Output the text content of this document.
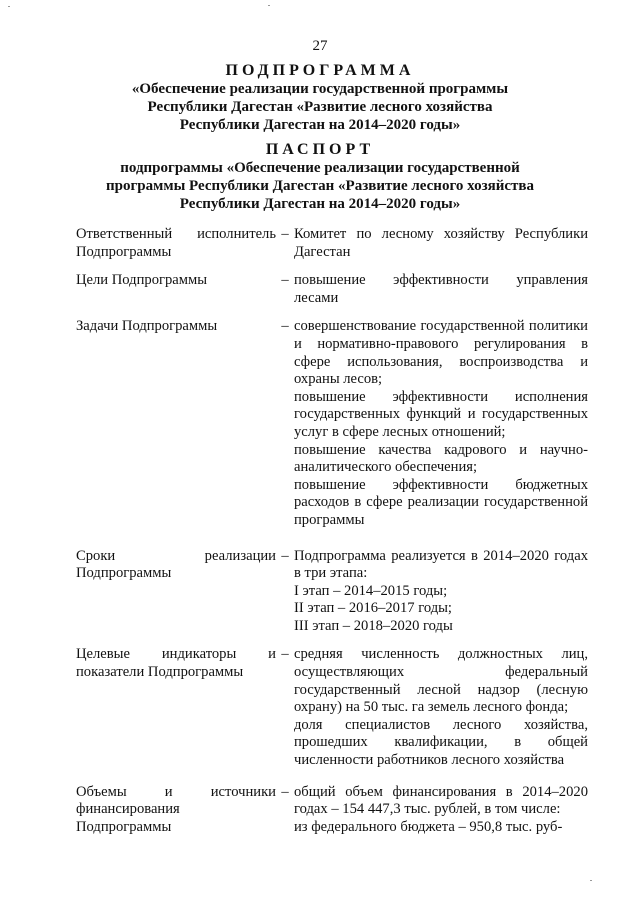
27
ПОДПРОГРАММА
«Обеспечение реализации государственной программы
Республики Дагестан «Развитие лесного хозяйства
Республики Дагестан на 2014–2020 годы»
ПАСПОРТ
подпрограммы «Обеспечение реализации государственной
программы Республики Дагестан «Развитие лесного хозяйства
Республики Дагестан на 2014–2020 годы»
Ответственный исполнитель Подпрограммы
– Комитет по лесному хозяйству Республики Дагестан

Цели Подпрограммы	– повышение эффективности управления лесами

Задачи Подпрограммы	– совершенствование государственной политики и нормативно-правового регулирования в сфере использования, воспроизводства и охраны лесов;

повышение эффективности исполнения государственных функций и государственных услуг в сфере лесных отношений;

повышение качества кадрового и научно-аналитического обеспечения;

повышение эффективности бюджетных расходов в сфере реализации государственной программы

Сроки реализации Подпрограммы
– Подпрограмма реализуется в 2014–2020 годах в три этапа:

I этап – 2014–2015 годы;

II этап – 2016–2017 годы;

III этап – 2018–2020 годы

Целевые индикаторы и показатели Подпрограммы
– средняя численность должностных лиц, осуществляющих федеральный государственный лесной надзор (лесную охрану) на 50 тыс. га земель лесного фонда;

доля специалистов лесного хозяйства, прошедших квалификации, в общей численности работников лесного хозяйства

Объемы и источники финансирования Подпрограммы
– общий объем финансирования в 2014–2020 годах – 154 447,3 тыс. рублей, в том числе:

из федерального бюджета – 950,8 тыс. руб-
